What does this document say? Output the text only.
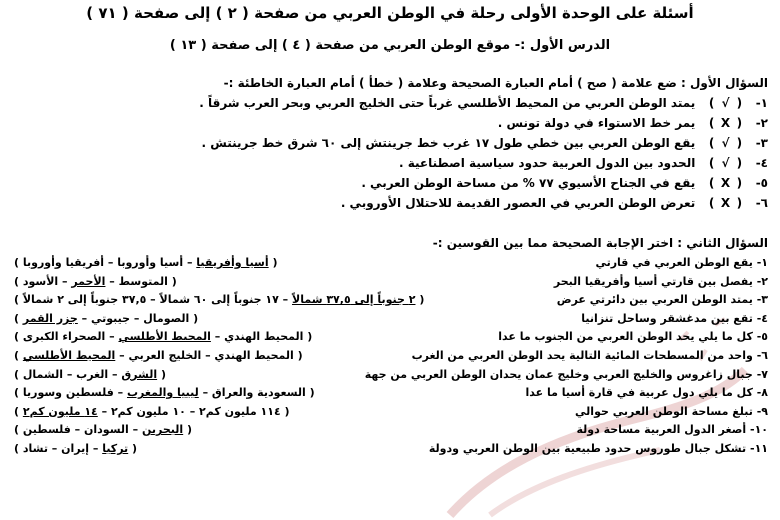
أسئلة على الوحدة الأولى رحلة في الوطن العربي من صفحة ( ٢ ) إلى صفحة ( ٧١ )
الدرس الأول :- موقع الوطن العربي من صفحة ( ٤ ) إلى صفحة ( ١٣ )
السؤال الأول : ضع علامة ( صح ) أمام العبارة الصحيحة وعلامة ( خطأ ) أمام العبارة الخاطئة :-
١- ( √ ) يمتد الوطن العربي من المحيط الأطلسي غرباً حتى الخليج العربي وبحر العرب شرقاً .
٢- ( X ) يمر خط الاستواء في دولة تونس .
٣- ( √ ) يقع الوطن العربي بين خطي طول ١٧ غرب خط جرينتش إلى ٦٠ شرق خط جرينتش .
٤- ( √ ) الحدود بين الدول العربية حدود سياسية اصطناعية .
٥- ( X ) يقع في الجناح الأسيوي ٧٧ % من مساحة الوطن العربي .
٦- ( X ) تعرض الوطن العربي في العصور القديمة للاحتلال الأوروبي .
السؤال الثاني : اختر الإجابة الصحيحة مما بين القوسين :-
١- يقع الوطن العربي في قارتي
( أسيا وأفريقيا – أسيا وأوروبا – أفريقيا وأوروبا )
٢- يفصل بين قارتي أسيا وأفريقيا البحر
( المتوسط – الأحمر – الأسود )
٣- يمتد الوطن العربي بين دائرتي عرض
( ٢ جنوباً إلى ٣٧,٥ شمالاً – ١٧ جنوباً إلى ٦٠ شمالاً – ٣٧,٥ جنوباً إلى ٢ شمالاً )
٤- تقع بين مدغشقر وساحل تنزانيا
( الصومال – جيبوتي – جزر القمر )
٥- كل ما يلي يحد الوطن العربي من الجنوب ما عدا
( المحيط الهندي – المحيط الأطلسي – الصحراء الكبرى )
٦- واحد من المسطحات المائية التالية يحد الوطن العربي من الغرب
( المحيط الهندي – الخليج العربي – المحيط الأطلسي )
٧- جبال زاغروس والخليج العربي وخليج عمان يحدان الوطن العربي من جهة
( الشرق – الغرب – الشمال )
٨- كل ما يلي دول عربية في قارة أسيا ما عدا
( السعودية والعراق – ليبيا والمغرب – فلسطين وسوريا )
٩- تبلغ مساحة الوطن العربي حوالي
( ١١٤ مليون كم٢ – ١٠ مليون كم٢ – ١٤ مليون كم٢ )
١٠- أصغر الدول العربية مساحة دولة
( البحرين – السودان – فلسطين )
١١- تشكل جبال طوروس حدود طبيعية بين الوطن العربي ودولة
( تركيا – إيران – تشاد )
